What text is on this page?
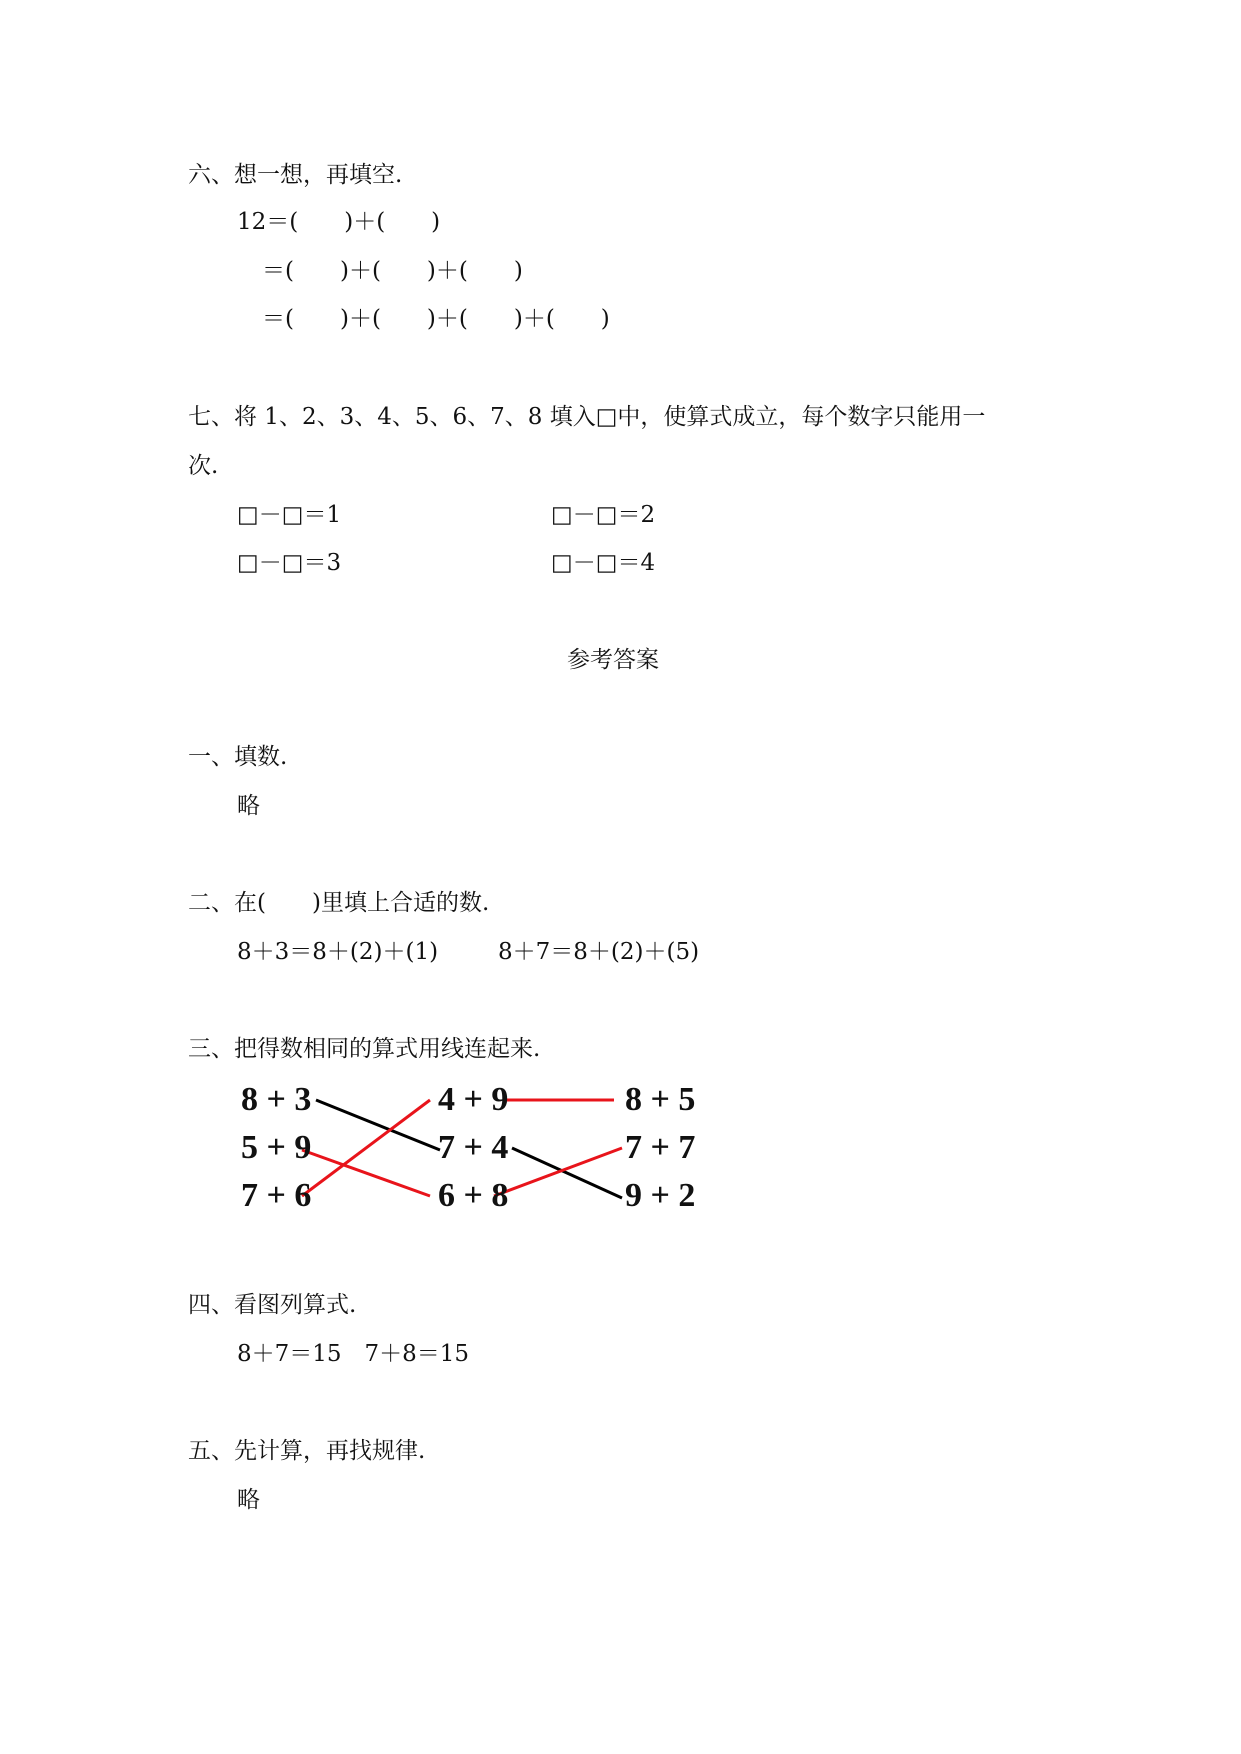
六、想一想，再填空.
12＝(　　)＋(　　)
＝(　　)＋(　　)＋(　　)
＝(　　)＋(　　)＋(　　)＋(　　)
七、将 1、2、3、4、5、6、7、8 填入□中，使算式成立，每个数字只能用一
次.
□－□＝1	□－□＝2
□－□＝3	□－□＝4
参考答案
一、填数.
略
二、在(　　)里填上合适的数.
8＋3＝8＋(2)＋(1)	8＋7＝8＋(2)＋(5)
三、把得数相同的算式用线连起来.
8 + 3
5 + 9
7 + 6
4 + 9
7 + 4
6 + 8
8 + 5
7 + 7
9 + 2
四、看图列算式.
8＋7＝15　7＋8＝15
五、先计算，再找规律.
略
